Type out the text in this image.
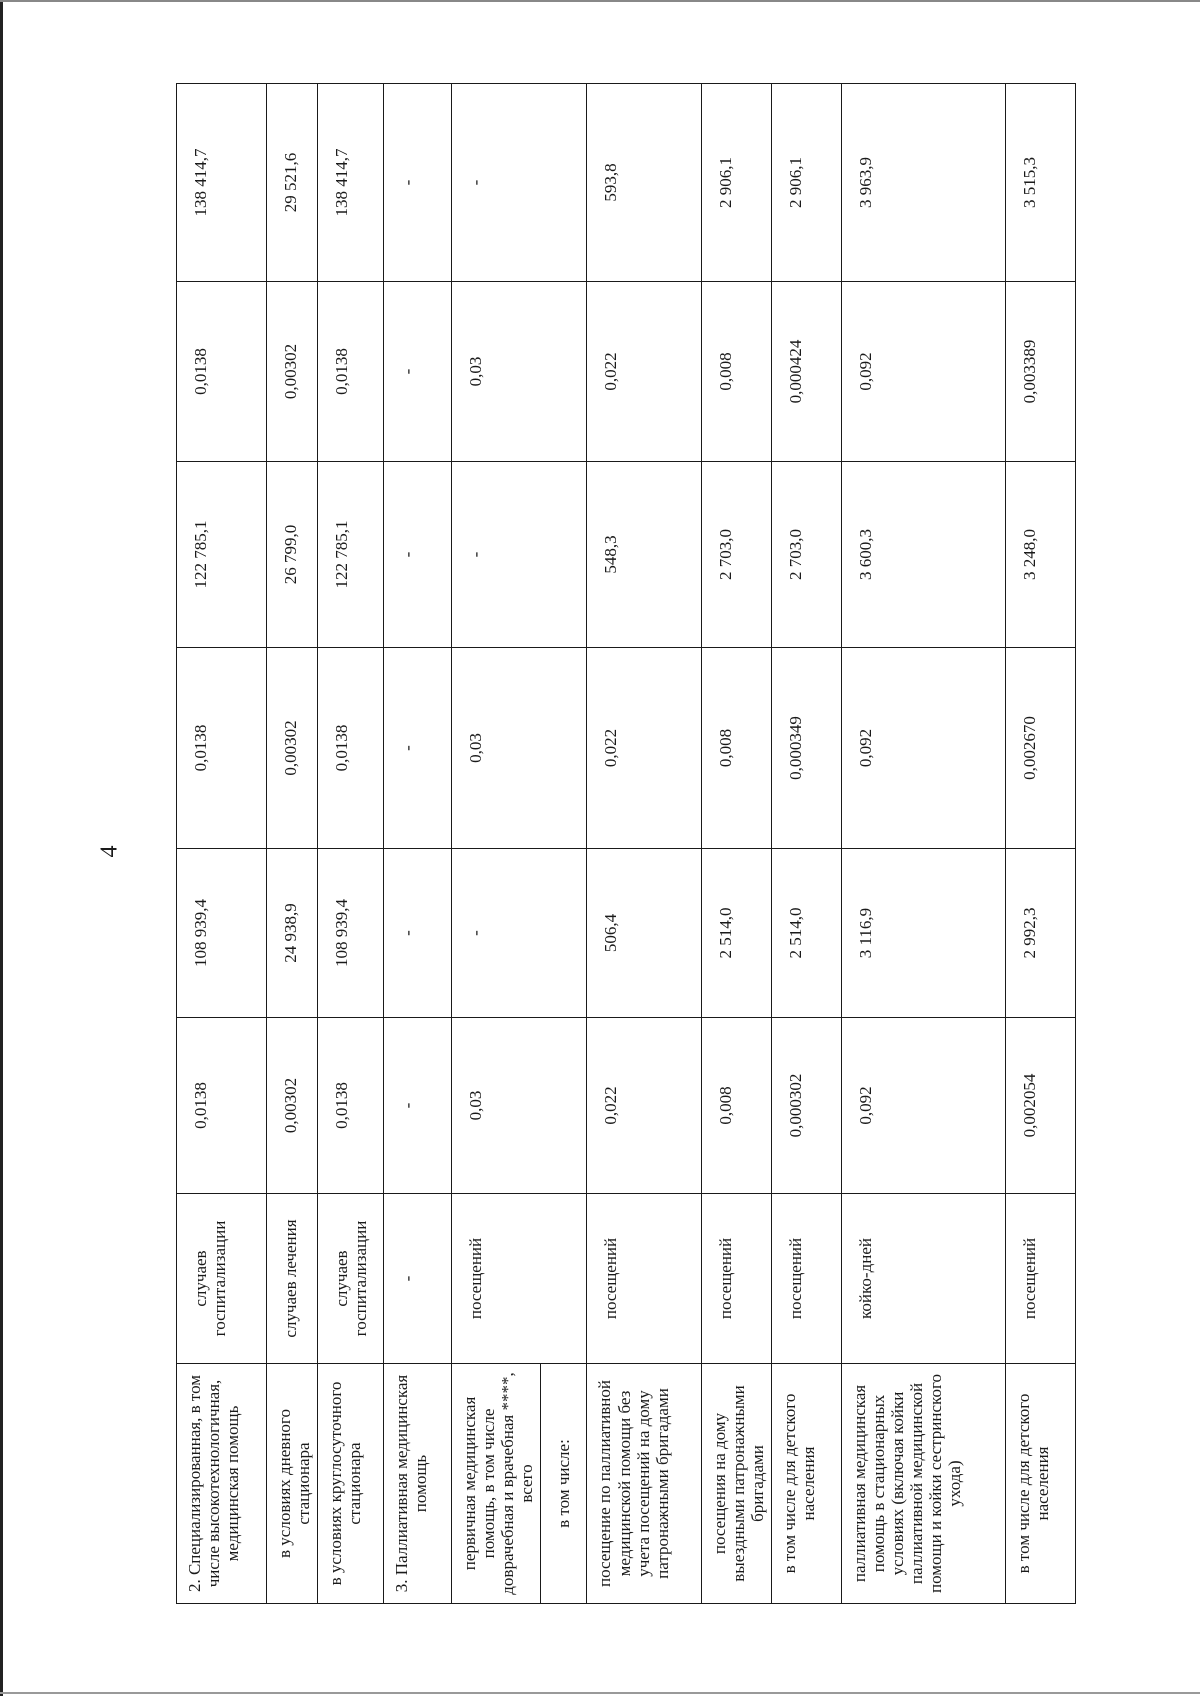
4
2. Специализированная, в том числе высокотехнологичная, медицинская помощь	случаев госпитализации	0,0138	108 939,4	0,0138	122 785,1	0,0138	138 414,7
в условиях дневного стационара	случаев лечения	0,00302	24 938,9	0,00302	26 799,0	0,00302	29 521,6
в условиях круглосуточного стационара	случаев госпитализации	0,0138	108 939,4	0,0138	122 785,1	0,0138	138 414,7
3. Паллиативная медицинская помощь	-	-	-	-	-	-	-
первичная медицинская помощь, в том числе доврачебная и врачебная ****, всего	посещений	0,03	-	0,03	-	0,03	-
в том числе:							
посещение по паллиативной медицинской помощи без учета посещений на дому патронажными бригадами	посещений	0,022	506,4	0,022	548,3	0,022	593,8
посещения на дому выездными патронажными бригадами	посещений	0,008	2 514,0	0,008	2 703,0	0,008	2 906,1
в том числе для детского населения	посещений	0,000302	2 514,0	0,000349	2 703,0	0,000424	2 906,1
паллиативная медицинская помощь в стационарных условиях (включая койки паллиативной медицинской помощи и койки сестринского ухода)	койко-дней	0,092	3 116,9	0,092	3 600,3	0,092	3 963,9
в том числе для детского населения	посещений	0,002054	2 992,3	0,002670	3 248,0	0,003389	3 515,3
